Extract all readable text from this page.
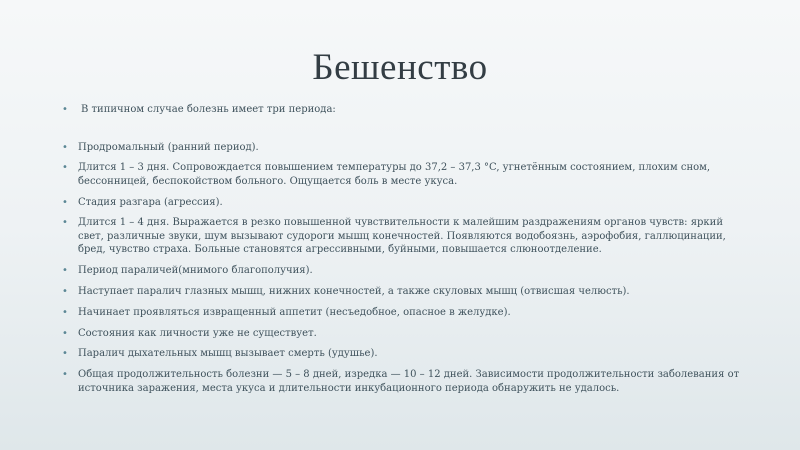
Бешенство
• В типичном случае болезнь имеет три периода:
• Продромальный (ранний период).
• Длится 1 – 3 дня. Сопровождается повышением температуры до 37,2 – 37,3 °C, угнетённым состоянием, плохим сном, бессонницей, беспокойством больного. Ощущается боль в месте укуса.
• Стадия разгара (агрессия).
• Длится 1 – 4 дня. Выражается в резко повышенной чувствительности к малейшим раздражениям органов чувств: яркий свет, различные звуки, шум вызывают судороги мышц конечностей. Появляются водобоязнь, аэрофобия, галлюцинации, бред, чувство страха. Больные становятся агрессивными, буйными, повышается слюноотделение.
• Период параличей(мнимого благополучия).
• Наступает паралич глазных мышц, нижних конечностей, а также скуловых мышц (отвисшая челюсть).
• Начинает проявляться извращенный аппетит (несъедобное, опасное в желудке).
• Состояния как личности уже не существует.
• Паралич дыхательных мышц вызывает смерть (удушье).
• Общая продолжительность болезни — 5 – 8 дней, изредка — 10 – 12 дней. Зависимости продолжительности заболевания от источника заражения, места укуса и длительности инкубационного периода обнаружить не удалось.
